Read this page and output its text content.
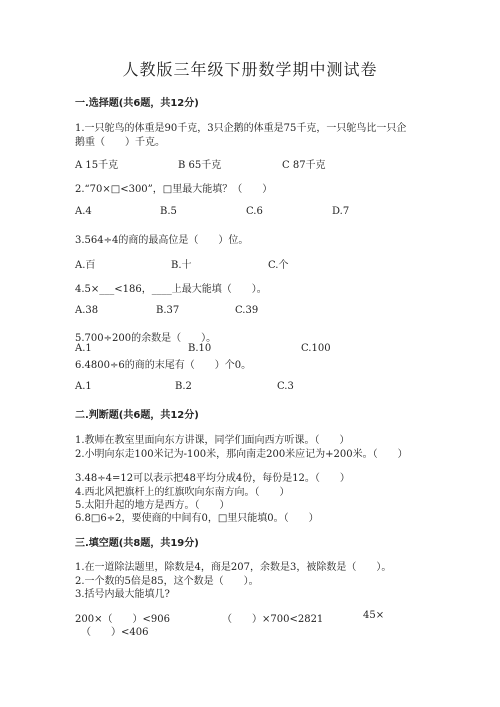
人教版三年级下册数学期中测试卷
一.选择题(共6题，共12分)
1.一只鸵鸟的体重是90千克，3只企鹅的体重是75千克，一只鸵鸟比一只企
鹅重（　　）千克。
A 15千克	B 65千克	C 87千克
2.“70×□<300”，□里最大能填？（　　）
A.4	B.5	C.6	D.7
3.564÷4的商的最高位是（　　）位。
A.百	B.十	C.个
4.5×___<186，____上最大能填（　　）。
A.38	B.37	C.39
5.700÷200的余数是（　　）。
A.1	B.10	C.100
6.4800÷6的商的末尾有（　　）个0。
A.1	B.2	C.3
二.判断题(共6题，共12分)
1.教师在教室里面向东方讲课，同学们面向西方听课。（　　）
2.小明向东走100米记为-100米，那向南走200米应记为+200米。（　　）
3.48÷4=12可以表示把48平均分成4份，每份是12。（　　）
4.西北风把旗杆上的红旗吹向东南方向。（　　）
5.太阳升起的地方是西方。（　　）
6.8□6÷2，要使商的中间有0，□里只能填0。（　　）
三.填空题(共8题，共19分)
1.在一道除法题里，除数是4，商是207，余数是3，被除数是（　　）。
2.一个数的5倍是85，这个数是（　　）。
3.括号内最大能填几?
200×（　　）<906	（　　）×700<2821	45×
（　　）<406
